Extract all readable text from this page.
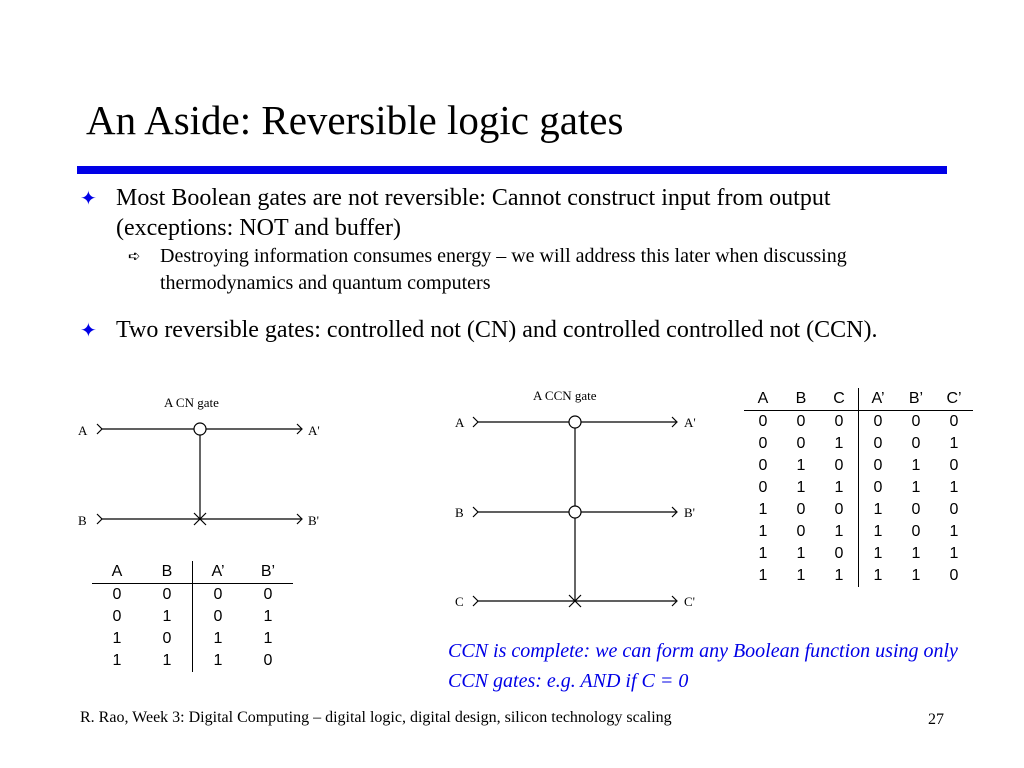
An Aside: Reversible logic gates
✦ Most Boolean gates are not reversible: Cannot construct input from output (exceptions: NOT and buffer)
➪ Destroying information consumes energy – we will address this later when discussing thermodynamics and quantum computers
✦ Two reversible gates: controlled not (CN) and controlled controlled not (CCN).
A CN gate
A
B
A'
B'
A CCN gate
A
B
C
A'
B'
C'
A	B	A’	B’
0	0	0	0
0	1	0	1
1	0	1	1
1	1	1	0
A	B	C	A’	B’	C’
0	0	0	0	0	0
0	0	1	0	0	1
0	1	0	0	1	0
0	1	1	0	1	1
1	0	0	1	0	0
1	0	1	1	0	1
1	1	0	1	1	1
1	1	1	1	1	0
CCN is complete: we can form any Boolean function using only CCN gates: e.g. AND if C = 0
R. Rao, Week 3: Digital Computing – digital logic, digital design, silicon technology scaling	27
